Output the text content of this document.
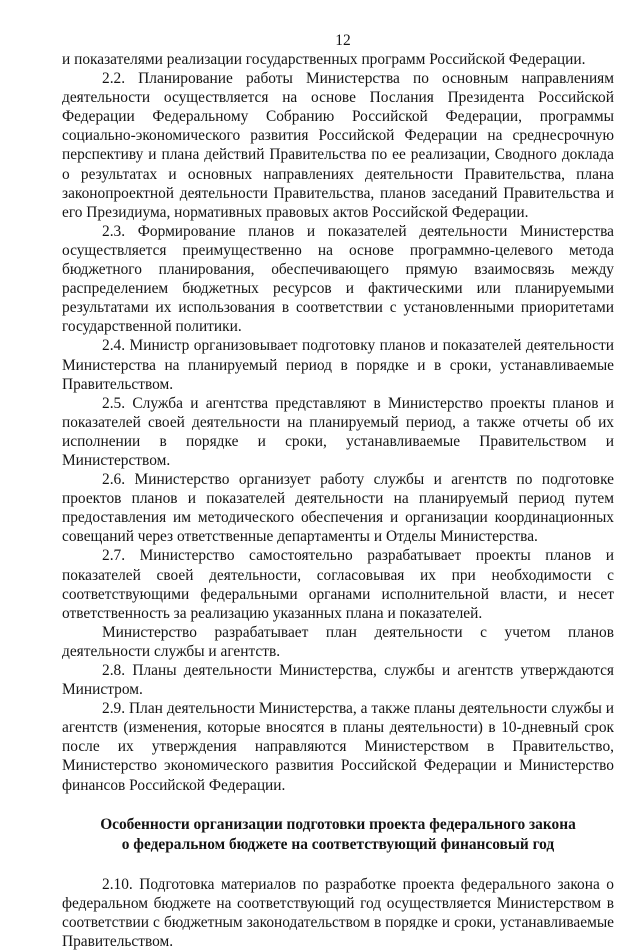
12

и показателями реализации государственных программ Российской Федерации.

2.2. Планирование работы Министерства по основным направлениям деятельности осуществляется на основе Послания Президента Российской Федерации Федеральному Собранию Российской Федерации, программы социально-экономического развития Российской Федерации на среднесрочную перспективу и плана действий Правительства по ее реализации, Сводного доклада о результатах и основных направлениях деятельности Правительства, плана законопроектной деятельности Правительства, планов заседаний Правительства и его Президиума, нормативных правовых актов Российской Федерации.

2.3. Формирование планов и показателей деятельности Министерства осуществляется преимущественно на основе программно-целевого метода бюджетного планирования, обеспечивающего прямую взаимосвязь между распределением бюджетных ресурсов и фактическими или планируемыми результатами их использования в соответствии с установленными приоритетами государственной политики.

2.4. Министр организовывает подготовку планов и показателей деятельности Министерства на планируемый период в порядке и в сроки, устанавливаемые Правительством.

2.5. Служба и агентства представляют в Министерство проекты планов и показателей своей деятельности на планируемый период, а также отчеты об их исполнении в порядке и сроки, устанавливаемые Правительством и Министерством.

2.6. Министерство организует работу службы и агентств по подготовке проектов планов и показателей деятельности на планируемый период путем предоставления им методического обеспечения и организации координационных совещаний через ответственные департаменты и Отделы Министерства.

2.7. Министерство самостоятельно разрабатывает проекты планов и показателей своей деятельности, согласовывая их при необходимости с соответствующими федеральными органами исполнительной власти, и несет ответственность за реализацию указанных плана и показателей.

Министерство разрабатывает план деятельности с учетом планов деятельности службы и агентств.

2.8. Планы деятельности Министерства, службы и агентств утверждаются Министром.

2.9. План деятельности Министерства, а также планы деятельности службы и агентств (изменения, которые вносятся в планы деятельности) в 10-дневный срок после их утверждения направляются Министерством в Правительство, Министерство экономического развития Российской Федерации и Министерство финансов Российской Федерации.

Особенности организации подготовки проекта федерального закона
о федеральном бюджете на соответствующий финансовый год

2.10. Подготовка материалов по разработке проекта федерального закона о федеральном бюджете на соответствующий год осуществляется Министерством в соответствии с бюджетным законодательством в порядке и сроки, устанавливаемые Правительством.
